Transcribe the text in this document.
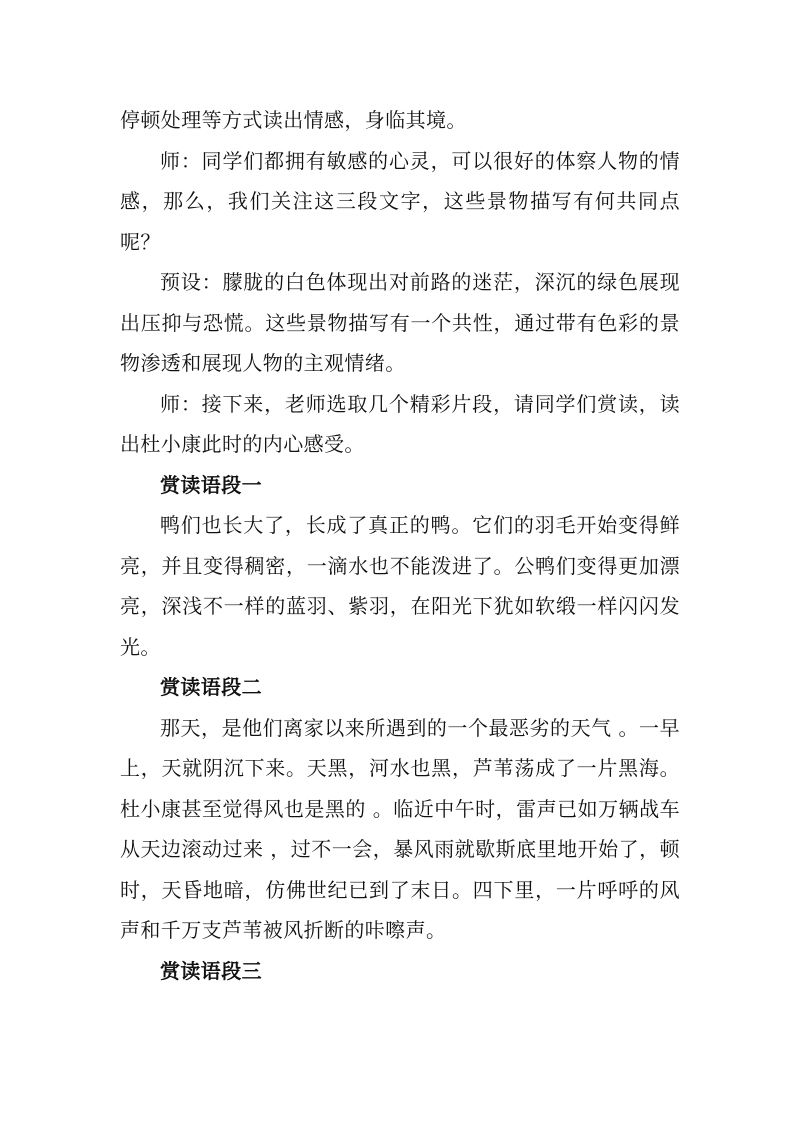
停顿处理等方式读出情感，身临其境。

师：同学们都拥有敏感的心灵，可以很好的体察人物的情感，那么，我们关注这三段文字，这些景物描写有何共同点呢？

预设：朦胧的白色体现出对前路的迷茫，深沉的绿色展现出压抑与恐慌。这些景物描写有一个共性，通过带有色彩的景物渗透和展现人物的主观情绪。

师：接下来，老师选取几个精彩片段，请同学们赏读，读出杜小康此时的内心感受。

赏读语段一

鸭们也长大了，长成了真正的鸭。它们的羽毛开始变得鲜亮，并且变得稠密，一滴水也不能泼进了。公鸭们变得更加漂亮，深浅不一样的蓝羽、紫羽，在阳光下犹如软缎一样闪闪发光。

赏读语段二

那天，是他们离家以来所遇到的一个最恶劣的天气 。一早上，天就阴沉下来。天黑，河水也黑，芦苇荡成了一片黑海。杜小康甚至觉得风也是黑的 。临近中午时，雷声已如万辆战车从天边滚动过来 ，过不一会，暴风雨就歇斯底里地开始了，顿时，天昏地暗，仿佛世纪已到了末日。四下里，一片呼呼的风声和千万支芦苇被风折断的咔嚓声。

赏读语段三
